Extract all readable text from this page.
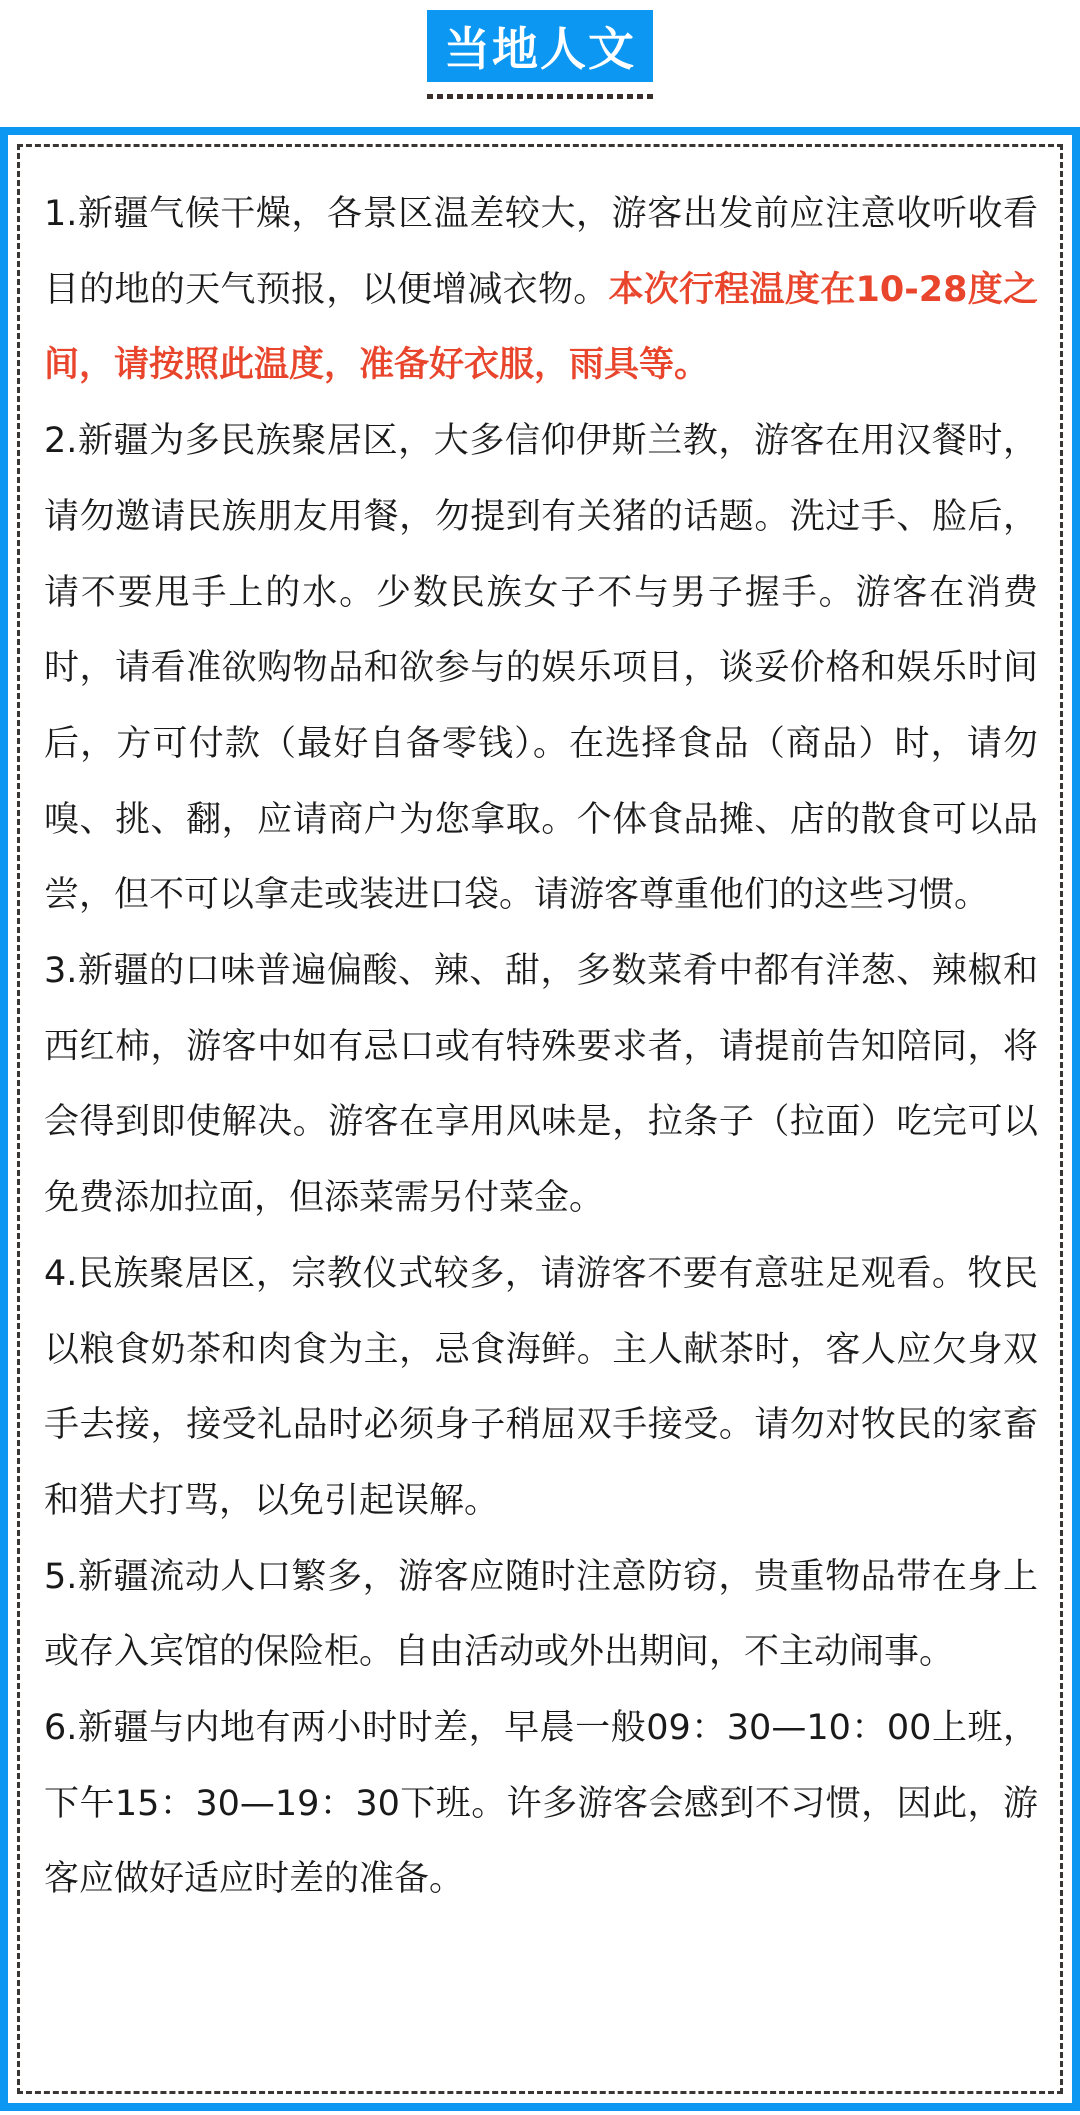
当地人文

1.新疆气候干燥，各景区温差较大，游客出发前应注意收听收看目的地的天气预报，以便增减衣物。本次行程温度在10-28度之间，请按照此温度，准备好衣服，雨具等。

2.新疆为多民族聚居区，大多信仰伊斯兰教，游客在用汉餐时，请勿邀请民族朋友用餐，勿提到有关猪的话题。洗过手、脸后，请不要甩手上的水。少数民族女子不与男子握手。游客在消费时，请看准欲购物品和欲参与的娱乐项目，谈妥价格和娱乐时间后，方可付款（最好自备零钱）。在选择食品（商品）时，请勿嗅、挑、翻，应请商户为您拿取。个体食品摊、店的散食可以品尝，但不可以拿走或装进口袋。请游客尊重他们的这些习惯。

3.新疆的口味普遍偏酸、辣、甜，多数菜肴中都有洋葱、辣椒和西红柿，游客中如有忌口或有特殊要求者，请提前告知陪同，将会得到即使解决。游客在享用风味是，拉条子（拉面）吃完可以免费添加拉面，但添菜需另付菜金。

4.民族聚居区，宗教仪式较多，请游客不要有意驻足观看。牧民以粮食奶茶和肉食为主，忌食海鲜。主人献茶时，客人应欠身双手去接，接受礼品时必须身子稍屈双手接受。请勿对牧民的家畜和猎犬打骂，以免引起误解。

5.新疆流动人口繁多，游客应随时注意防窃，贵重物品带在身上或存入宾馆的保险柜。自由活动或外出期间，不主动闹事。

6.新疆与内地有两小时时差，早晨一般09：30—10：00上班，下午15：30—19：30下班。许多游客会感到不习惯，因此，游客应做好适应时差的准备。
